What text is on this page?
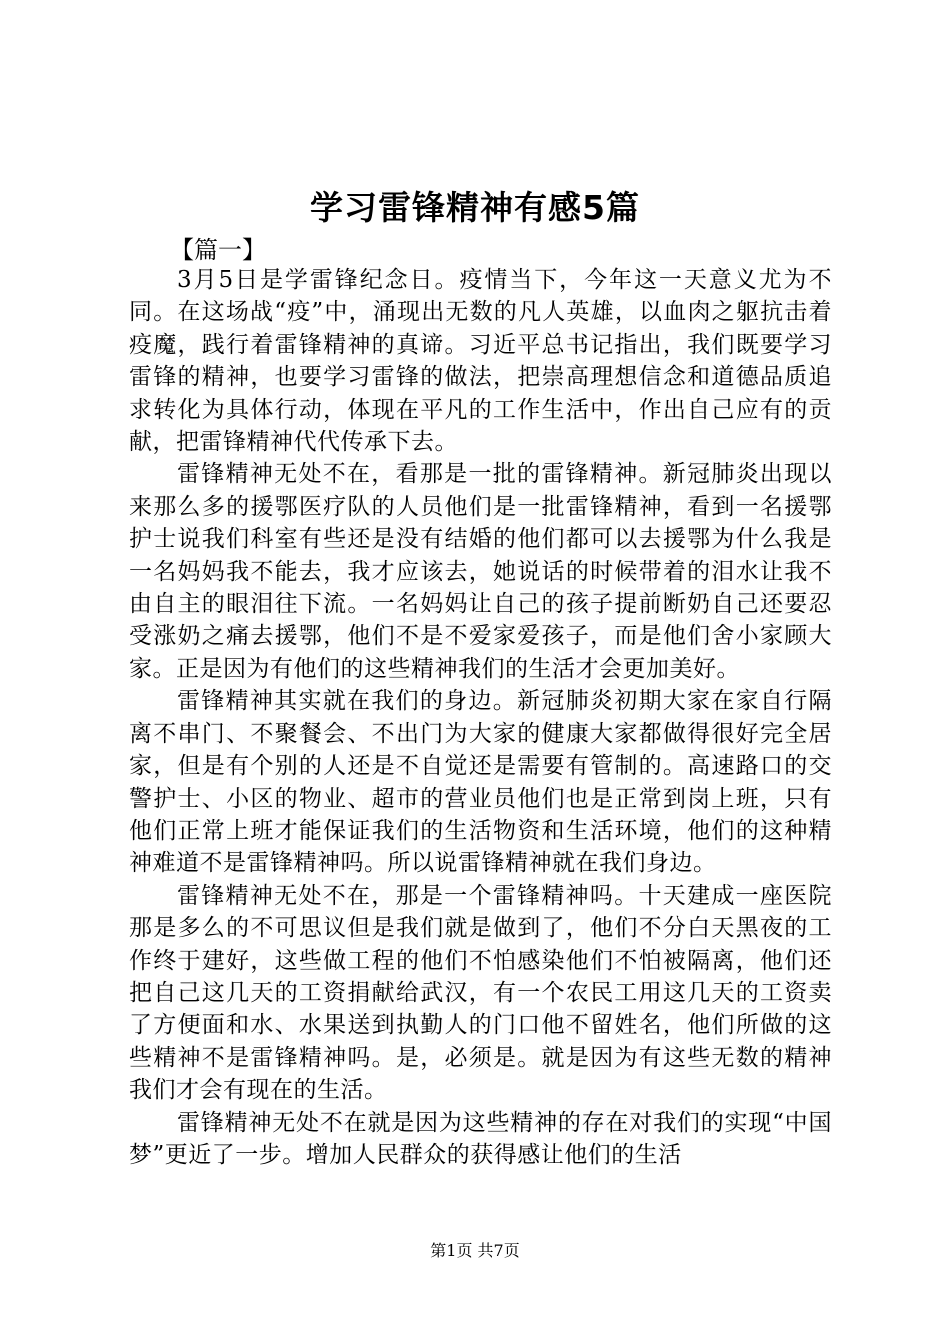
学习雷锋精神有感5篇
【篇一】

3月5日是学雷锋纪念日。疫情当下，今年这一天意义尤为不同。在这场战“疫”中，涌现出无数的凡人英雄，以血肉之躯抗击着疫魔，践行着雷锋精神的真谛。习近平总书记指出，我们既要学习雷锋的精神，也要学习雷锋的做法，把崇高理想信念和道德品质追求转化为具体行动，体现在平凡的工作生活中，作出自己应有的贡献，把雷锋精神代代传承下去。

雷锋精神无处不在，看那是一批的雷锋精神。新冠肺炎出现以来那么多的援鄂医疗队的人员他们是一批雷锋精神，看到一名援鄂护士说我们科室有些还是没有结婚的他们都可以去援鄂为什么我是一名妈妈我不能去，我才应该去，她说话的时候带着的泪水让我不由自主的眼泪往下流。一名妈妈让自己的孩子提前断奶自己还要忍受涨奶之痛去援鄂，他们不是不爱家爱孩子，而是他们舍小家顾大家。正是因为有他们的这些精神我们的生活才会更加美好。

雷锋精神其实就在我们的身边。新冠肺炎初期大家在家自行隔离不串门、不聚餐会、不出门为大家的健康大家都做得很好完全居家，但是有个别的人还是不自觉还是需要有管制的。高速路口的交警护士、小区的物业、超市的营业员他们也是正常到岗上班，只有他们正常上班才能保证我们的生活物资和生活环境，他们的这种精神难道不是雷锋精神吗。所以说雷锋精神就在我们身边。

雷锋精神无处不在，那是一个雷锋精神吗。十天建成一座医院那是多么的不可思议但是我们就是做到了，他们不分白天黑夜的工作终于建好，这些做工程的他们不怕感染他们不怕被隔离，他们还把自己这几天的工资捐献给武汉，有一个农民工用这几天的工资卖了方便面和水、水果送到执勤人的门口他不留姓名，他们所做的这些精神不是雷锋精神吗。是，必须是。就是因为有这些无数的精神我们才会有现在的生活。

雷锋精神无处不在就是因为这些精神的存在对我们的实现“中国梦”更近了一步。增加人民群众的获得感让他们的生活

第1页 共7页
